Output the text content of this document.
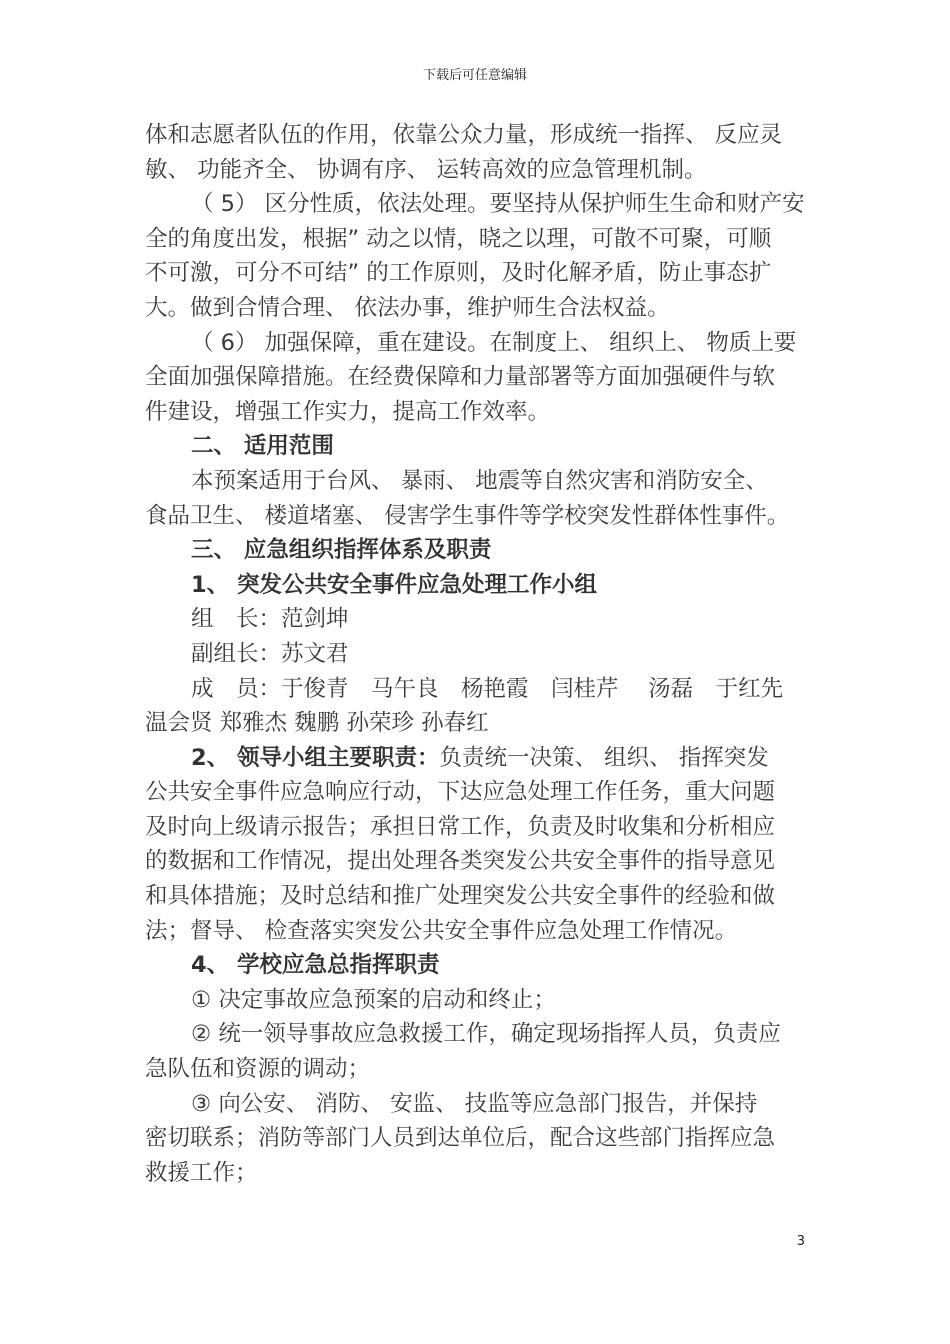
下载后可任意编辑
体和志愿者队伍的作用，依靠公众力量，形成统一指挥、 反应灵
敏、 功能齐全、 协调有序、 运转高效的应急管理机制。
（ 5） 区分性质，依法处理。要坚持从保护师生生命和财产安
全的角度出发，根据” 动之以情，晓之以理，可散不可聚，可顺
不可激，可分不可结” 的工作原则，及时化解矛盾，防止事态扩
大。做到合情合理、 依法办事，维护师生合法权益。
（ 6） 加强保障，重在建设。在制度上、 组织上、 物质上要
全面加强保障措施。在经费保障和力量部署等方面加强硬件与软
件建设，增强工作实力，提高工作效率。
二、 适用范围
本预案适用于台风、 暴雨、 地震等自然灾害和消防安全、
食品卫生、 楼道堵塞、 侵害学生事件等学校突发性群体性事件。
三、 应急组织指挥体系及职责
1、 突发公共安全事件应急处理工作小组
组　长：范剑坤
副组长：苏文君
成　员：于俊青　马午良　杨艳霞　闫桂芹　 汤磊　于红先
温会贤 郑雅杰 魏鹏 孙荣珍 孙春红
2、 领导小组主要职责：负责统一决策、 组织、 指挥突发
公共安全事件应急响应行动，下达应急处理工作任务，重大问题
及时向上级请示报告；承担日常工作，负责及时收集和分析相应
的数据和工作情况，提出处理各类突发公共安全事件的指导意见
和具体措施；及时总结和推广处理突发公共安全事件的经验和做
法；督导、 检查落实突发公共安全事件应急处理工作情况。
4、 学校应急总指挥职责
① 决定事故应急预案的启动和终止；
② 统一领导事故应急救援工作，确定现场指挥人员，负责应
急队伍和资源的调动；
③ 向公安、 消防、 安监、 技监等应急部门报告，并保持
密切联系；消防等部门人员到达单位后，配合这些部门指挥应急
救援工作；
3
